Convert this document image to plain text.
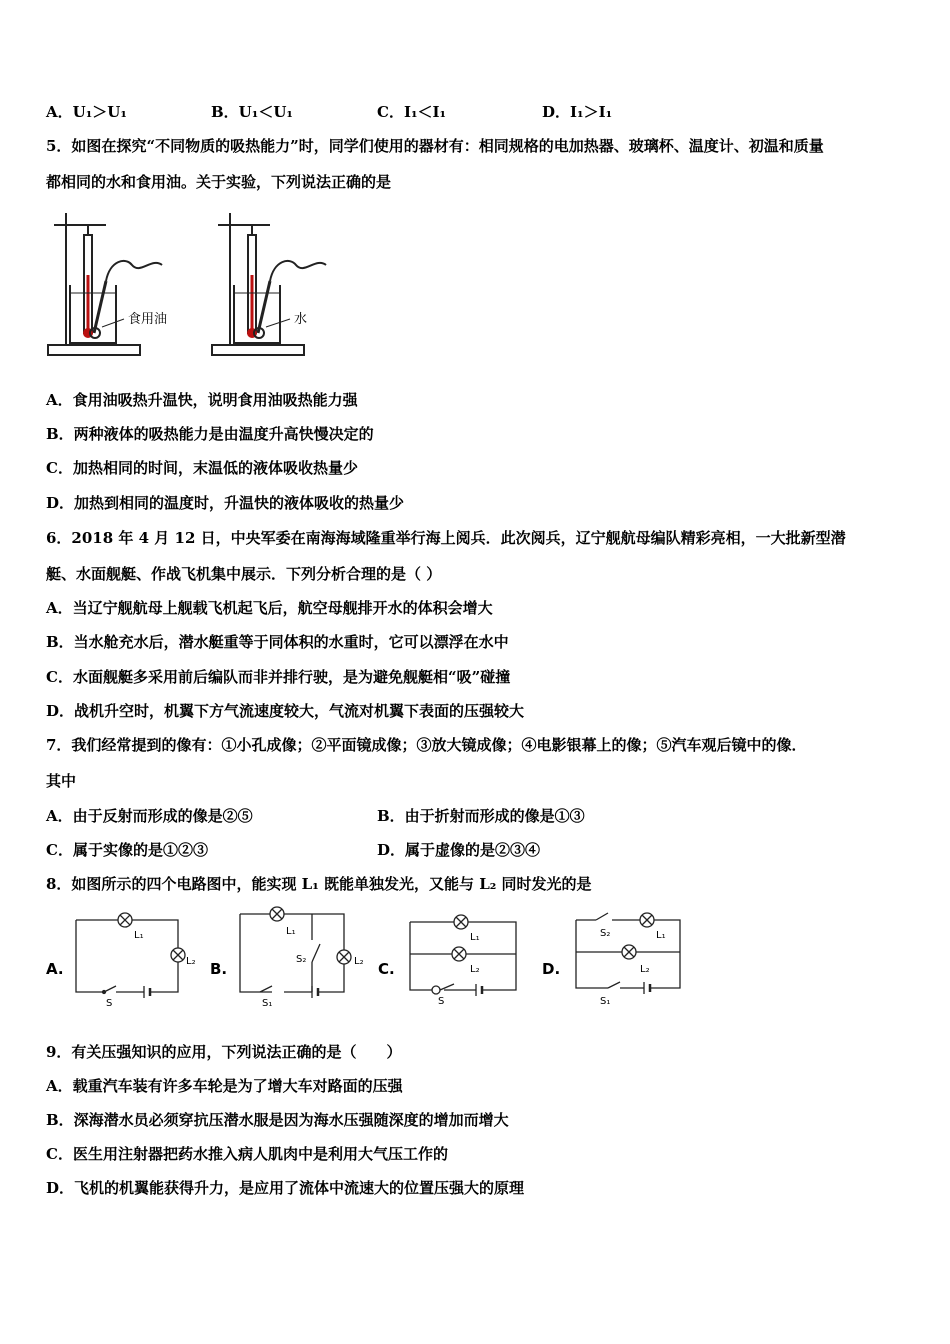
A．U₁＞U₁	B．U₁＜U₁	C．I₁＜I₁	D．I₁＞I₁
5．如图在探究“不同物质的吸热能力”时，同学们使用的器材有：相同规格的电加热器、玻璃杯、温度计、初温和质量
都相同的水和食用油。关于实验，下列说法正确的是
食用油	水
A．食用油吸热升温快，说明食用油吸热能力强
B．两种液体的吸热能力是由温度升高快慢决定的
C．加热相同的时间，末温低的液体吸收热量少
D．加热到相同的温度时，升温快的液体吸收的热量少
6．2018 年 4 月 12 日，中央军委在南海海域隆重举行海上阅兵．此次阅兵，辽宁舰航母编队精彩亮相，一大批新型潜
艇、水面舰艇、作战飞机集中展示．下列分析合理的是（ ）
A．当辽宁舰航母上舰载飞机起飞后，航空母舰排开水的体积会增大
B．当水舱充水后，潜水艇重等于同体积的水重时，它可以漂浮在水中
C．水面舰艇多采用前后编队而非并排行驶，是为避免舰艇相“吸”碰撞
D．战机升空时，机翼下方气流速度较大，气流对机翼下表面的压强较大
7．我们经常提到的像有：①小孔成像；②平面镜成像；③放大镜成像；④电影银幕上的像；⑤汽车观后镜中的像．
其中
A．由于反射而形成的像是②⑤	B．由于折射而形成的像是①③
C．属于实像的是①②③	D．属于虚像的是②③④
8．如图所示的四个电路图中，能实现 L₁ 既能单独发光，又能与 L₂ 同时发光的是
A.	B.	C.	D.
L₁
L₂
S
L₁
S₂	L₂
S₁
L₁
L₂
S
S₂	L₁
L₂
S₁
9．有关压强知识的应用，下列说法正确的是（　　）
A．载重汽车装有许多车轮是为了增大车对路面的压强
B．深海潜水员必须穿抗压潜水服是因为海水压强随深度的增加而增大
C．医生用注射器把药水推入病人肌肉中是利用大气压工作的
D．飞机的机翼能获得升力，是应用了流体中流速大的位置压强大的原理
